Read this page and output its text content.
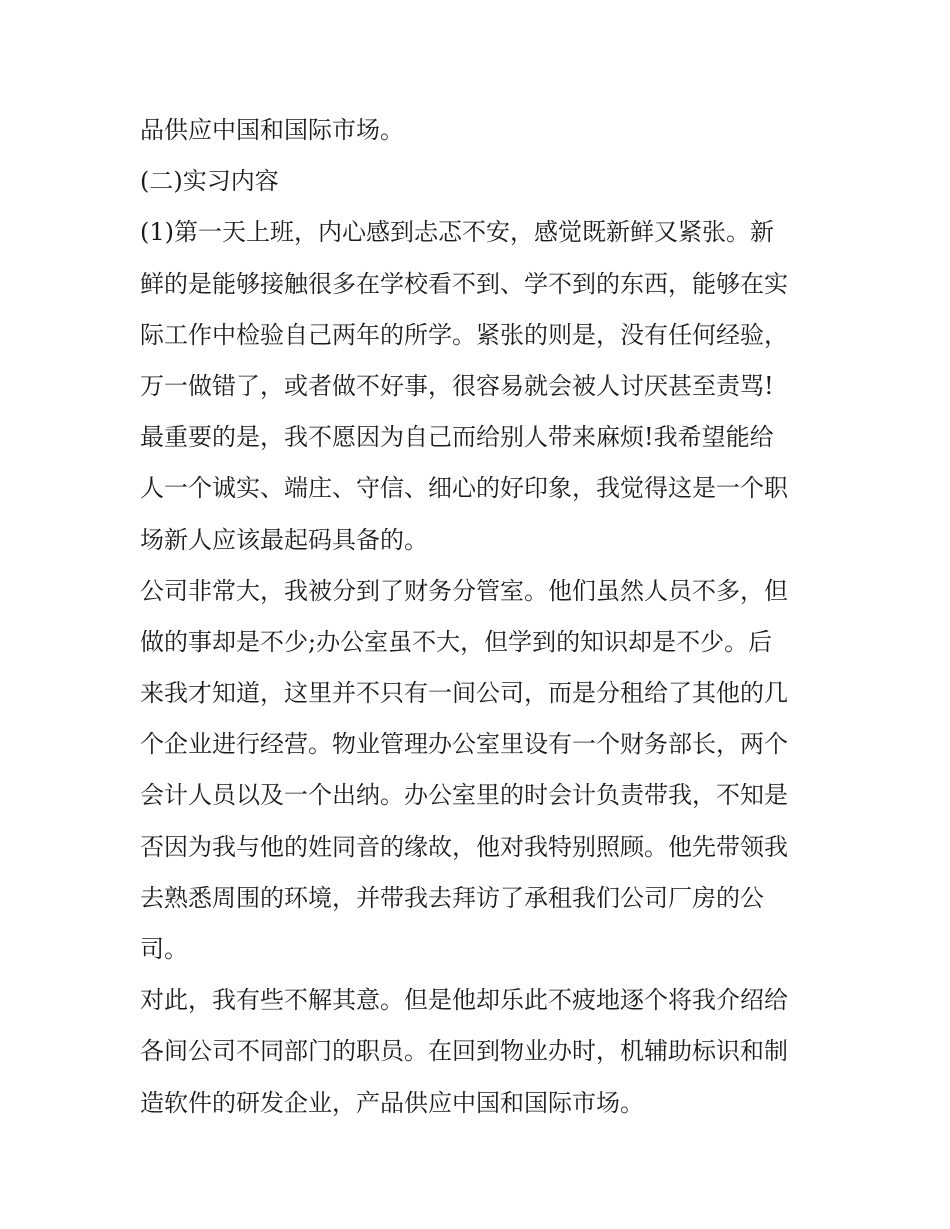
品供应中国和国际市场。
(二)实习内容
(1)第一天上班，内心感到忐忑不安，感觉既新鲜又紧张。新
鲜的是能够接触很多在学校看不到、学不到的东西，能够在实
际工作中检验自己两年的所学。紧张的则是，没有任何经验，
万一做错了，或者做不好事，很容易就会被人讨厌甚至责骂!
最重要的是，我不愿因为自己而给别人带来麻烦!我希望能给
人一个诚实、端庄、守信、细心的好印象，我觉得这是一个职
场新人应该最起码具备的。
公司非常大，我被分到了财务分管室。他们虽然人员不多，但
做的事却是不少;办公室虽不大，但学到的知识却是不少。后
来我才知道，这里并不只有一间公司，而是分租给了其他的几
个企业进行经营。物业管理办公室里设有一个财务部长，两个
会计人员以及一个出纳。办公室里的时会计负责带我，不知是
否因为我与他的姓同音的缘故，他对我特别照顾。他先带领我
去熟悉周围的环境，并带我去拜访了承租我们公司厂房的公
司。
对此，我有些不解其意。但是他却乐此不疲地逐个将我介绍给
各间公司不同部门的职员。在回到物业办时，机辅助标识和制
造软件的研发企业，产品供应中国和国际市场。
